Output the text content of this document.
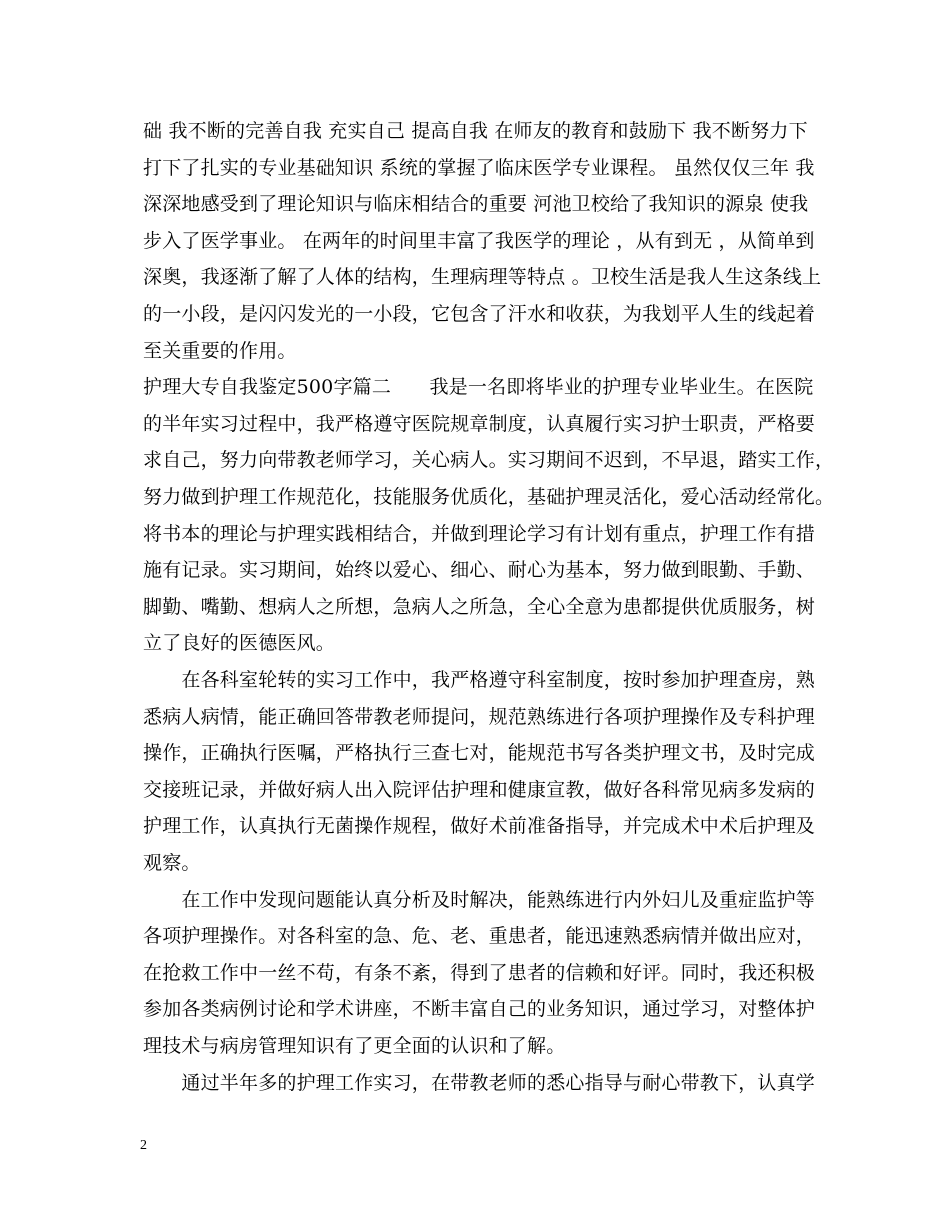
础 我不断的完善自我 充实自己 提高自我 在师友的教育和鼓励下 我不断努力下
打下了扎实的专业基础知识 系统的掌握了临床医学专业课程。 虽然仅仅三年 我
深深地感受到了理论知识与临床相结合的重要 河池卫校给了我知识的源泉 使我
步入了医学事业。 在两年的时间里丰富了我医学的理论 ，从有到无 ，从简单到
深奥，我逐渐了解了人体的结构，生理病理等特点 。卫校生活是我人生这条线上
的一小段，是闪闪发光的一小段，它包含了汗水和收获，为我划平人生的线起着
至关重要的作用。
护理大专自我鉴定500字篇二　　我是一名即将毕业的护理专业毕业生。在医院
的半年实习过程中，我严格遵守医院规章制度，认真履行实习护士职责，严格要
求自己，努力向带教老师学习，关心病人。实习期间不迟到，不早退，踏实工作，
努力做到护理工作规范化，技能服务优质化，基础护理灵活化，爱心活动经常化。
将书本的理论与护理实践相结合，并做到理论学习有计划有重点，护理工作有措
施有记录。实习期间，始终以爱心、细心、耐心为基本，努力做到眼勤、手勤、
脚勤、嘴勤、想病人之所想，急病人之所急，全心全意为患都提供优质服务，树
立了良好的医德医风。
　　在各科室轮转的实习工作中，我严格遵守科室制度，按时参加护理查房，熟
悉病人病情，能正确回答带教老师提问，规范熟练进行各项护理操作及专科护理
操作，正确执行医嘱，严格执行三查七对，能规范书写各类护理文书，及时完成
交接班记录，并做好病人出入院评估护理和健康宣教，做好各科常见病多发病的
护理工作，认真执行无菌操作规程，做好术前准备指导，并完成术中术后护理及
观察。
　　在工作中发现问题能认真分析及时解决，能熟练进行内外妇儿及重症监护等
各项护理操作。对各科室的急、危、老、重患者，能迅速熟悉病情并做出应对，
在抢救工作中一丝不苟，有条不紊，得到了患者的信赖和好评。同时，我还积极
参加各类病例讨论和学术讲座，不断丰富自己的业务知识，通过学习，对整体护
理技术与病房管理知识有了更全面的认识和了解。
　　通过半年多的护理工作实习，在带教老师的悉心指导与耐心带教下，认真学
2
